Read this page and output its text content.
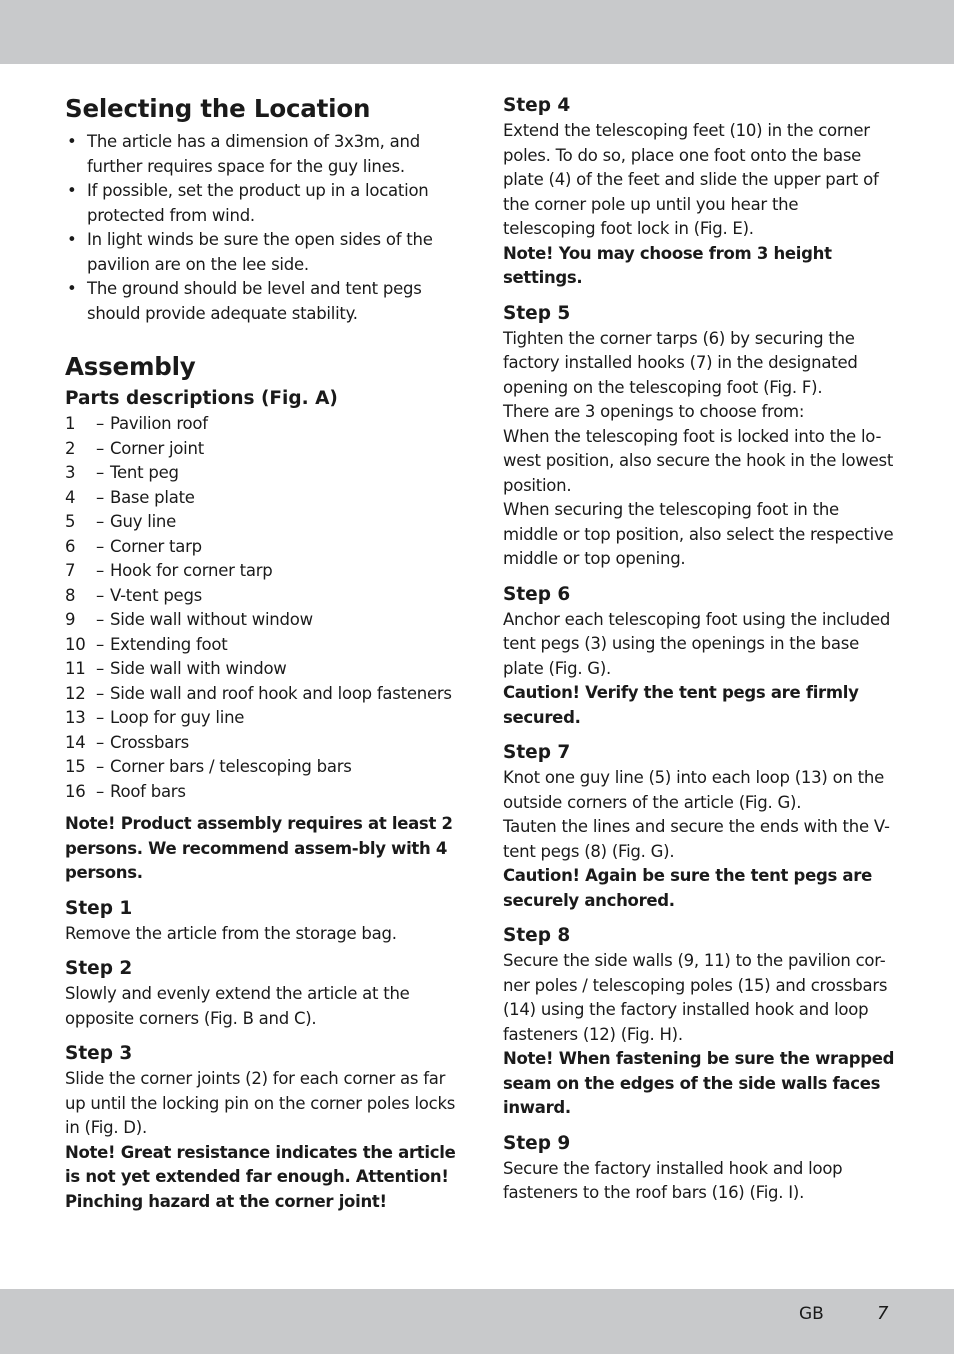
Selecting the Location
• The article has a dimension of 3x3m, and further requires space for the guy lines.
• If possible, set the product up in a location protected from wind.
• In light winds be sure the open sides of the pavilion are on the lee side.
• The ground should be level and tent pegs should provide adequate stability.
Assembly
Parts descriptions (Fig. A)
1	– Pavilion roof
2	– Corner joint
3	– Tent peg
4	– Base plate
5	– Guy line
6	– Corner tarp
7	– Hook for corner tarp
8	– V-tent pegs
9	– Side wall without window
10 – Extending foot
11 – Side wall with window
12 – Side wall and roof hook and loop fasteners
13 – Loop for guy line
14 – Crossbars
15 – Corner bars / telescoping bars
16 – Roof bars

Note! Product assembly requires at least 2 persons. We recommend assem-bly with 4 persons.

Step 1

Remove the article from the storage bag.

Step 2

Slowly and evenly extend the article at the opposite corners (Fig. B and C).

Step 3

Slide the corner joints (2) for each corner as far up until the locking pin on the corner poles locks in (Fig. D).

Note! Great resistance indicates the article is not yet extended far enough. Attention! Pinching hazard at the corner joint!

Step 4

Extend the telescoping feet (10) in the corner poles. To do so, place one foot onto the base plate (4) of the feet and slide the upper part of the corner pole up until you hear the telescoping foot lock in (Fig. E).

Note! You may choose from 3 height settings.

Step 5

Tighten the corner tarps (6) by securing the factory installed hooks (7) in the designated opening on the telescoping foot (Fig. F).

There are 3 openings to choose from:

When the telescoping foot is locked into the lo-west position, also secure the hook in the lowest position.

When securing the telescoping foot in the middle or top position, also select the respective middle or top opening.

Step 6

Anchor each telescoping foot using the included tent pegs (3) using the openings in the base plate (Fig. G).

Caution! Verify the tent pegs are firmly secured.

Step 7

Knot one guy line (5) into each loop (13) on the outside corners of the article (Fig. G).

Tauten the lines and secure the ends with the V-tent pegs (8) (Fig. G).

Caution! Again be sure the tent pegs are securely anchored.

Step 8

Secure the side walls (9, 11) to the pavilion cor-ner poles / telescoping poles (15) and crossbars (14) using the factory installed hook and loop fasteners (12) (Fig. H).

Note! When fastening be sure the wrapped seam on the edges of the side walls faces inward.

Step 9

Secure the factory installed hook and loop fasteners to the roof bars (16) (Fig. I).

GB	7
